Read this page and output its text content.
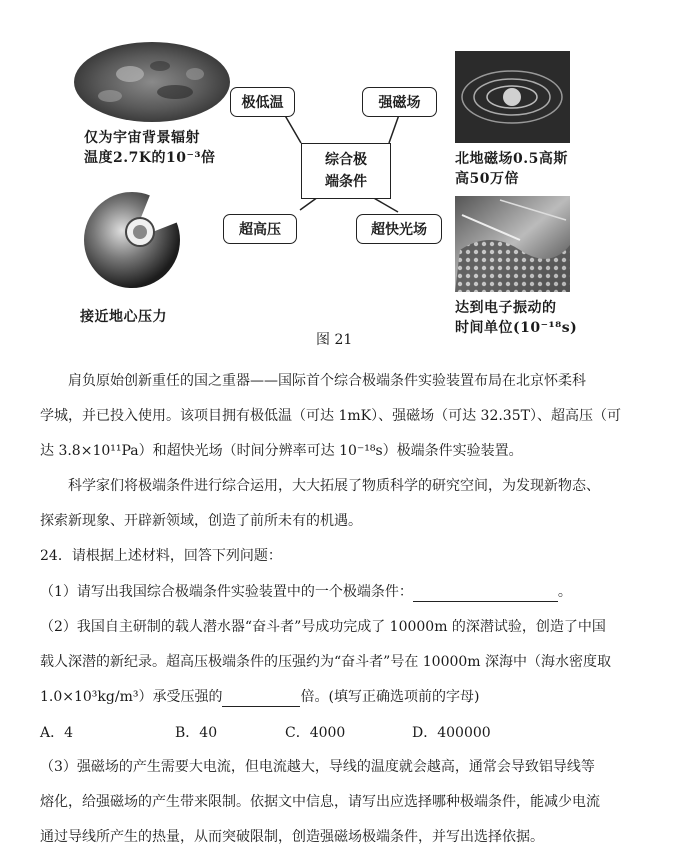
仅为宇宙背景辐射
温度2.7K的10⁻³倍
接近地心压力
北地磁场0.5高斯
高50万倍
达到电子振动的
时间单位(10⁻¹⁸s)
极低温	强磁场
超高压	超快光场
综合极
端条件
图 21
肩负原始创新重任的国之重器——国际首个综合极端条件实验装置布局在北京怀柔科
学城，并已投入使用。该项目拥有极低温（可达 1mK）、强磁场（可达 32.35T）、超高压（可
达 3.8×10¹¹Pa）和超快光场（时间分辨率可达 10⁻¹⁸s）极端条件实验装置。
科学家们将极端条件进行综合运用，大大拓展了物质科学的研究空间，为发现新物态、
探索新现象、开辟新领域，创造了前所未有的机遇。
24．请根据上述材料，回答下列问题：
（1）请写出我国综合极端条件实验装置中的一个极端条件：	。
（2）我国自主研制的载人潜水器“奋斗者”号成功完成了 10000m 的深潜试验，创造了中国
载人深潜的新纪录。超高压极端条件的压强约为“奋斗者”号在 10000m 深海中（海水密度取
1.0×10³kg/m³）承受压强的	倍。(填写正确选项前的字母)
A．4	B．40	C．4000	D．400000
（3）强磁场的产生需要大电流，但电流越大，导线的温度就会越高，通常会导致铝导线等
熔化，给强磁场的产生带来限制。依据文中信息，请写出应选择哪种极端条件，能减少电流
通过导线所产生的热量，从而突破限制，创造强磁场极端条件，并写出选择依据。
